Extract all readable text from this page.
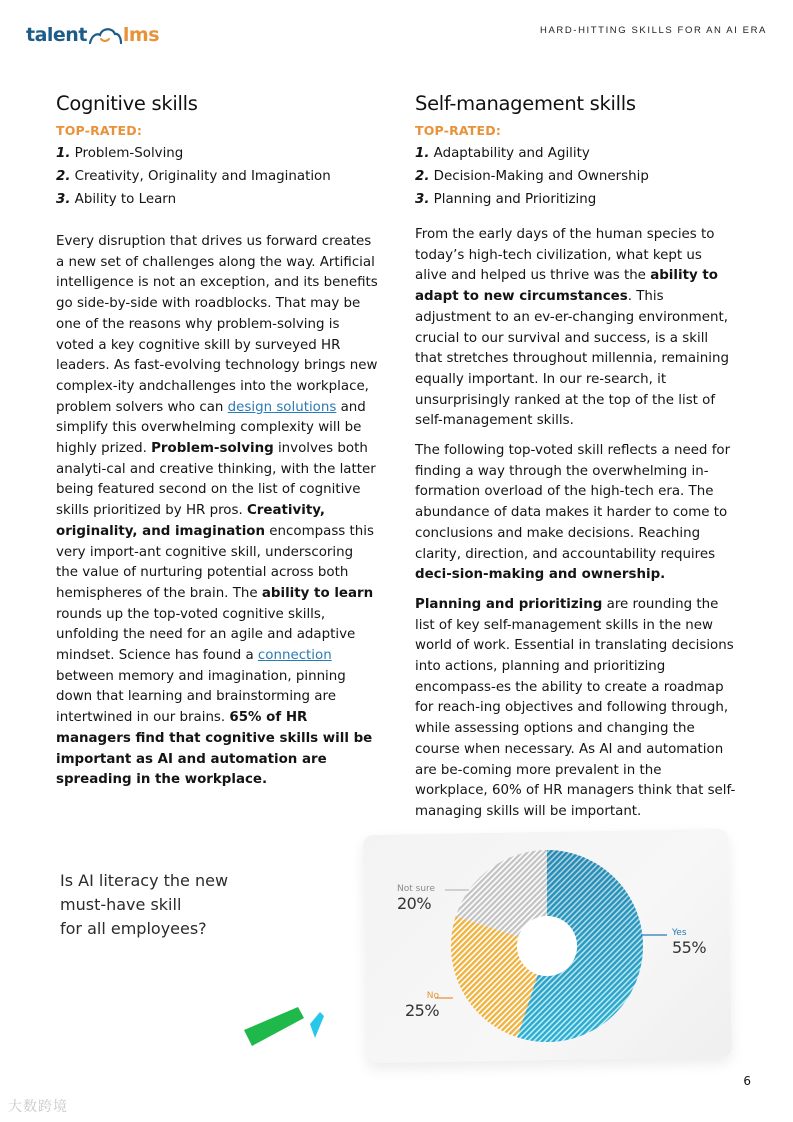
talent lms	HARD-HITTING SKILLS FOR AN AI ERA
Cognitive skills
TOP-RATED:
1. Problem-Solving
2. Creativity, Originality and Imagination
3. Ability to Learn

Every disruption that drives us forward creates a new set of challenges along the way. Artificial intelligence is not an exception, and its benefits go side-by-side with roadblocks. That may be one of the reasons why problem-solving is voted a key cognitive skill by surveyed HR leaders. As fast-evolving technology brings new complex-ity andchallenges into the workplace, problem solvers who can design solutions and simplify this overwhelming complexity will be highly prized. Problem-solving involves both analyti-cal and creative thinking, with the latter being featured second on the list of cognitive skills prioritized by HR pros. Creativity, originality, and imagination encompass this very import-ant cognitive skill, underscoring the value of nurturing potential across both hemispheres of the brain. The ability to learn rounds up the top-voted cognitive skills, unfolding the need for an agile and adaptive mindset. Science has found a connection between memory and imagination, pinning down that learning and brainstorming are intertwined in our brains. 65% of HR managers find that cognitive skills will be important as AI and automation are spreading in the workplace.

Self-management skills
TOP-RATED:
1. Adaptability and Agility
2. Decision-Making and Ownership
3. Planning and Prioritizing

From the early days of the human species to today’s high-tech civilization, what kept us alive and helped us thrive was the ability to adapt to new circumstances. This adjustment to an ev-er-changing environment, crucial to our survival and success, is a skill that stretches throughout millennia, remaining equally important. In our re-search, it unsurprisingly ranked at the top of the list of self-management skills.

The following top-voted skill reflects a need for finding a way through the overwhelming in-formation overload of the high-tech era. The abundance of data makes it harder to come to conclusions and make decisions. Reaching clarity, direction, and accountability requires deci-sion-making and ownership.

Planning and prioritizing are rounding the list of key self-management skills in the new world of work. Essential in translating decisions into actions, planning and prioritizing encompass-es the ability to create a roadmap for reach-ing objectives and following through, while assessing options and changing the course when necessary. As AI and automation are be-coming more prevalent in the workplace, 60% of HR managers think that self-managing skills will be important.

Is AI literacy the new
must-have skill
for all employees?
Not sure
20%
Yes
55%
No
25%
6
大数跨境
